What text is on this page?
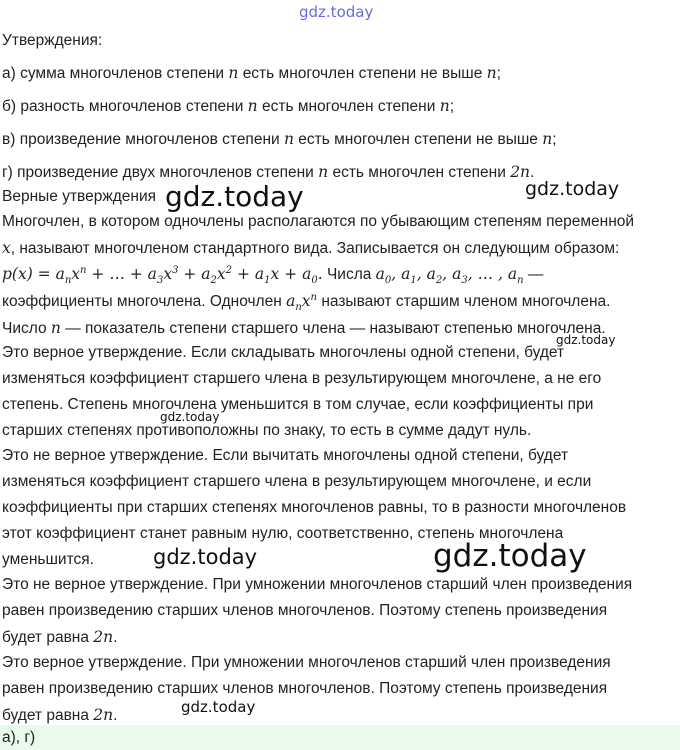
gdz.today
Утверждения:
а) сумма многочленов степени n есть многочлен степени не выше n;
б) разность многочленов степени n есть многочлен степени n;
в) произведение многочленов степени n есть многочлен степени не выше n;
г) произведение двух многочленов степени n есть многочлен степени 2n.
Верные утверждения gdz.today	gdz.today
Многочлен, в котором одночлены располагаются по убывающим степеням переменной
x, называют многочленом стандартного вида. Записывается он следующим образом:
$p(x) = a_nx^n$ + … + $a_3x^3 + a_2x^2 + a_1x + a_0$. Числа $a_0$, $a_1$, $a_2$, $a_3$, … , $a_n$ —
коэффициенты многочлена. Одночлен $a_nx^n$ называют старшим членом многочлена.
Число n — показатель степени старшего члена — называют степенью многочлена.
gdz.today
Это верное утверждение. Если складывать многочлены одной степени, будет
изменяться коэффициент старшего члена в результирующем многочлене, а не его
степень. Степень многочлена уменьшится в том случае, если коэффициенты при
gdz.today
старших степенях противоположны по знаку, то есть в сумме дадут нуль.
Это не верное утверждение. Если вычитать многочлены одной степени, будет
изменяться коэффициент старшего члена в результирующем многочлене, и если
коэффициенты при старших степенях многочленов равны, то в разности многочленов
этот коэффициент станет равным нулю, соответственно, степень многочлена
уменьшится.	gdz.today	gdz.today
Это не верное утверждение. При умножении многочленов старший член произведения
равен произведению старших членов многочленов. Поэтому степень произведения
будет равна 2n.
Это верное утверждение. При умножении многочленов старший член произведения
равен произведению старших членов многочленов. Поэтому степень произведения
будет равна 2n.	gdz.today
а), г)
